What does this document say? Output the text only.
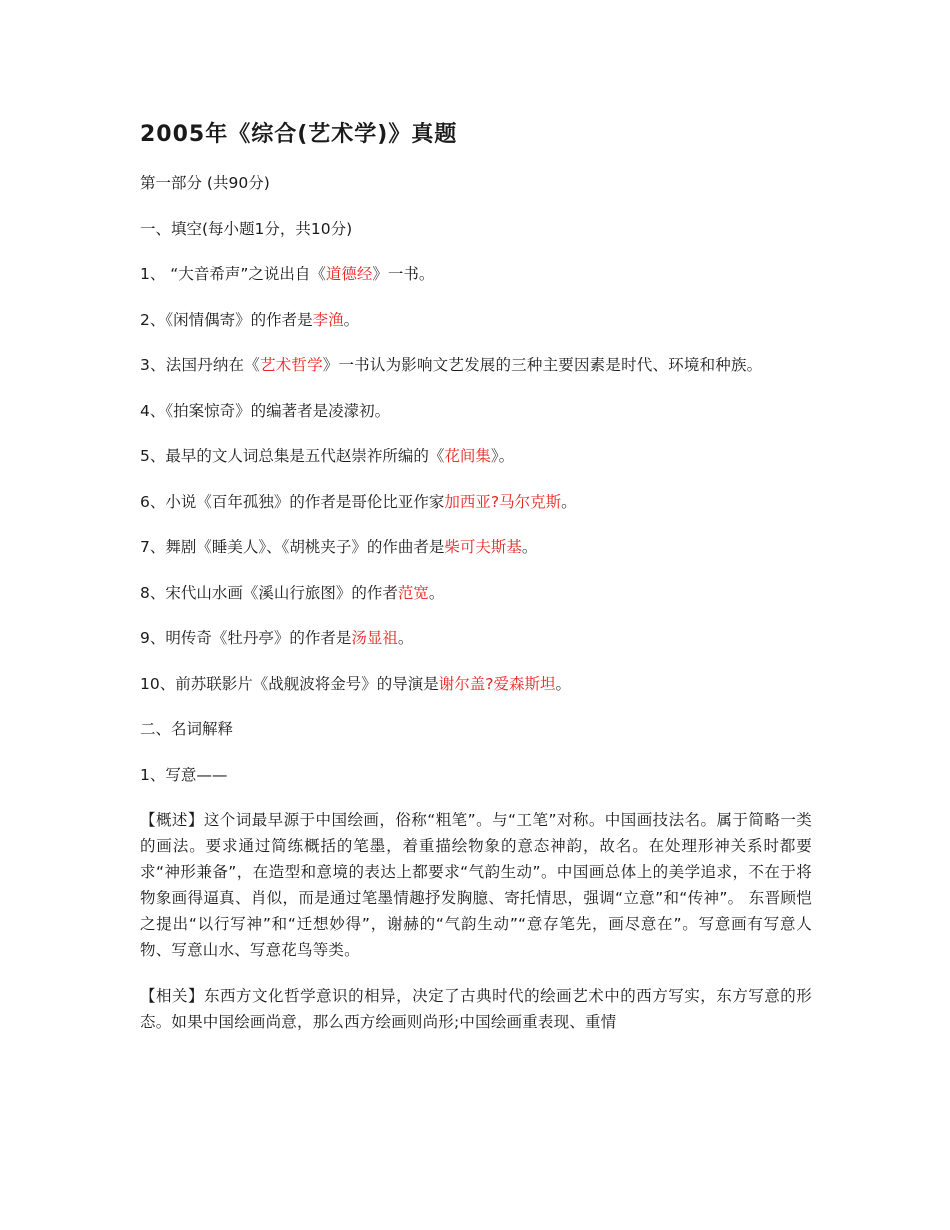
2005年《综合(艺术学)》真题
第一部分 (共90分)
一、填空(每小题1分，共10分)
1、 “大音希声”之说出自《道德经》一书。
2、《闲情偶寄》的作者是李渔。
3、法国丹纳在《艺术哲学》一书认为影响文艺发展的三种主要因素是时代、环境和种族。
4、《拍案惊奇》的编著者是凌濛初。
5、最早的文人词总集是五代赵崇祚所编的《花间集》。
6、小说《百年孤独》的作者是哥伦比亚作家加西亚?马尔克斯。
7、舞剧《睡美人》、《胡桃夹子》的作曲者是柴可夫斯基。
8、宋代山水画《溪山行旅图》的作者范宽。
9、明传奇《牡丹亭》的作者是汤显祖。
10、前苏联影片《战舰波将金号》的导演是谢尔盖?爱森斯坦。
二、名词解释
1、写意——
【概述】这个词最早源于中国绘画，俗称“粗笔”。与“工笔”对称。中国画技法名。属于简略一类的画法。要求通过简练概括的笔墨，着重描绘物象的意态神韵，故名。在处理形神关系时都要求“神形兼备”，在造型和意境的表达上都要求“气韵生动”。中国画总体上的美学追求，不在于将物象画得逼真、肖似，而是通过笔墨情趣抒发胸臆、寄托情思，强调“立意”和“传神”。 东晋顾恺之提出“以行写神”和“迁想妙得”，谢赫的“气韵生动”“意存笔先，画尽意在”。写意画有写意人物、写意山水、写意花鸟等类。
【相关】东西方文化哲学意识的相异，决定了古典时代的绘画艺术中的西方写实，东方写意的形态。如果中国绘画尚意，那么西方绘画则尚形;中国绘画重表现、重情
